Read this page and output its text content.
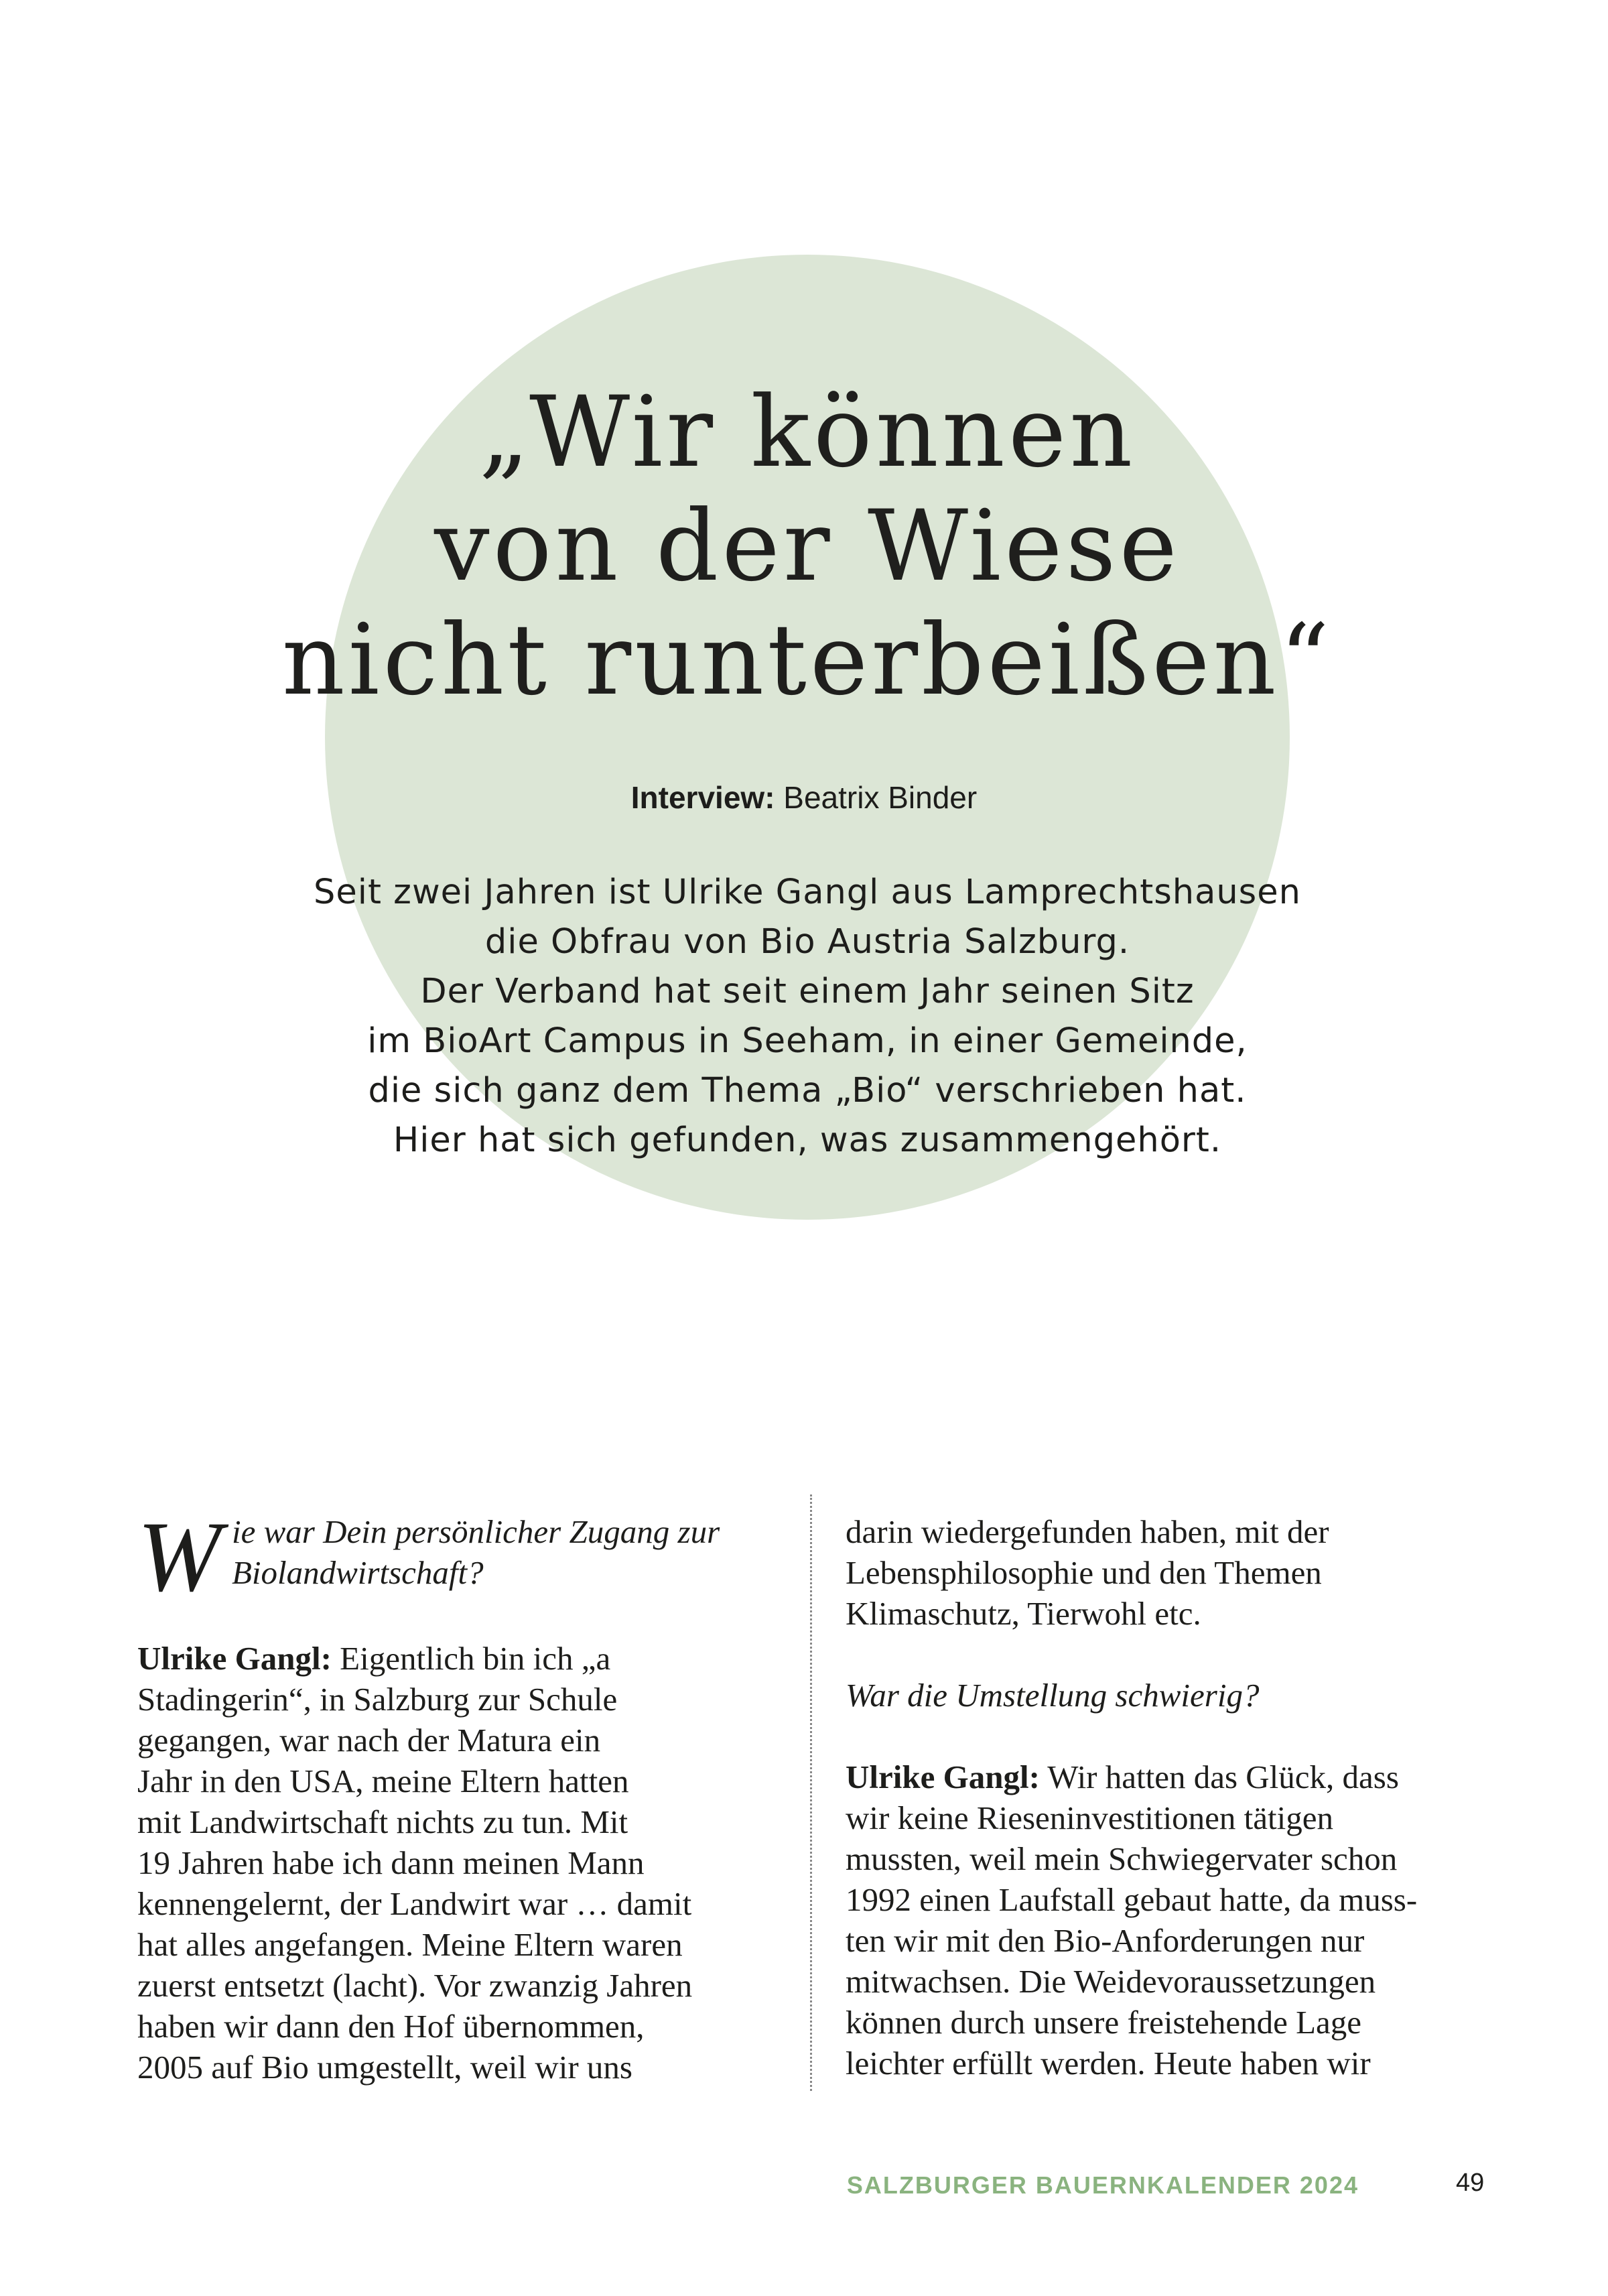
„Wir können
von der Wiese
nicht runterbeißen“
Interview: Beatrix Binder
Seit zwei Jahren ist Ulrike Gangl aus Lamprechtshausen
die Obfrau von Bio Austria Salzburg.
Der Verband hat seit einem Jahr seinen Sitz
im BioArt Campus in Seeham, in einer Gemeinde,
die sich ganz dem Thema „Bio“ verschrieben hat.
Hier hat sich gefunden, was zusammengehört.
W ie war Dein persönlicher Zugang zur
Biolandwirtschaft?
Ulrike Gangl: Eigentlich bin ich „a
Stadingerin“, in Salzburg zur Schule
gegangen, war nach der Matura ein
Jahr in den USA, meine Eltern hatten
mit Landwirtschaft nichts zu tun. Mit
19 Jahren habe ich dann meinen Mann
kennengelernt, der Landwirt war … damit
hat alles angefangen. Meine Eltern waren
zuerst entsetzt (lacht). Vor zwanzig Jahren
haben wir dann den Hof übernommen,
2005 auf Bio umgestellt, weil wir uns
darin wiedergefunden haben, mit der
Lebensphilosophie und den Themen
Klimaschutz, Tierwohl etc.
War die Umstellung schwierig?
Ulrike Gangl: Wir hatten das Glück, dass
wir keine Rieseninvestitionen tätigen
mussten, weil mein Schwiegervater schon
1992 einen Laufstall gebaut hatte, da muss-
ten wir mit den Bio-Anforderungen nur
mitwachsen. Die Weidevoraussetzungen
können durch unsere freistehende Lage
leichter erfüllt werden. Heute haben wir
SALZBURGER BAUERNKALENDER 2024	49
